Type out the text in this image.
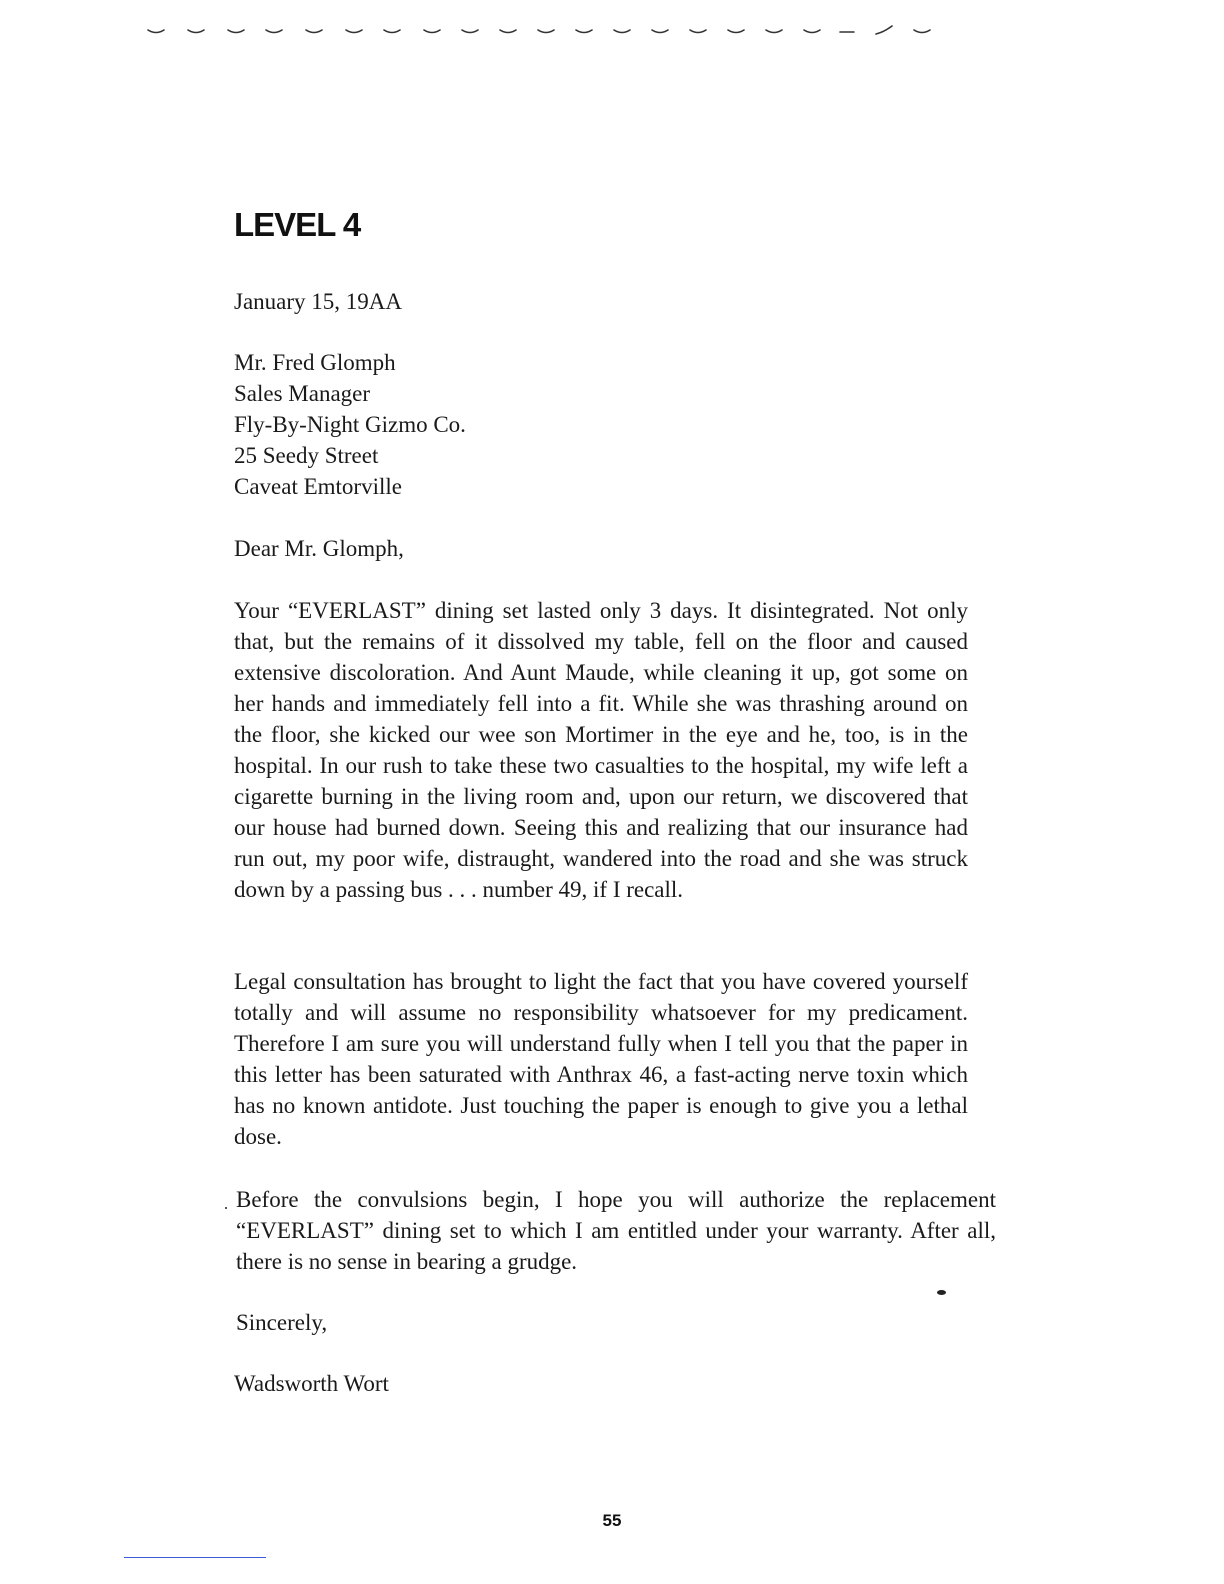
LEVEL 4
January 15, 19AA
Mr. Fred Glomph
Sales Manager
Fly-By-Night Gizmo Co.
25 Seedy Street
Caveat Emtorville
Dear Mr. Glomph,

Your “EVERLAST” dining set lasted only 3 days. It disintegrated. Not only that, but the remains of it dissolved my table, fell on the floor and caused extensive discoloration. And Aunt Maude, while cleaning it up, got some on her hands and immediately fell into a fit. While she was thrashing around on the floor, she kicked our wee son Mortimer in the eye and he, too, is in the hospital. In our rush to take these two casualties to the hospital, my wife left a cigarette burning in the living room and, upon our return, we discovered that our house had burned down. Seeing this and realizing that our insurance had run out, my poor wife, distraught, wandered into the road and she was struck down by a passing bus . . . number 49, if I recall.

Legal consultation has brought to light the fact that you have covered yourself totally and will assume no responsibility whatsoever for my predicament. Therefore I am sure you will understand fully when I tell you that the paper in this letter has been saturated with Anthrax 46, a fast-acting nerve toxin which has no known antidote. Just touching the paper is enough to give you a lethal dose.

Before the convulsions begin, I hope you will authorize the replacement “EVERLAST” dining set to which I am entitled under your warranty. After all, there is no sense in bearing a grudge.

Sincerely,
Wadsworth Wort
55
